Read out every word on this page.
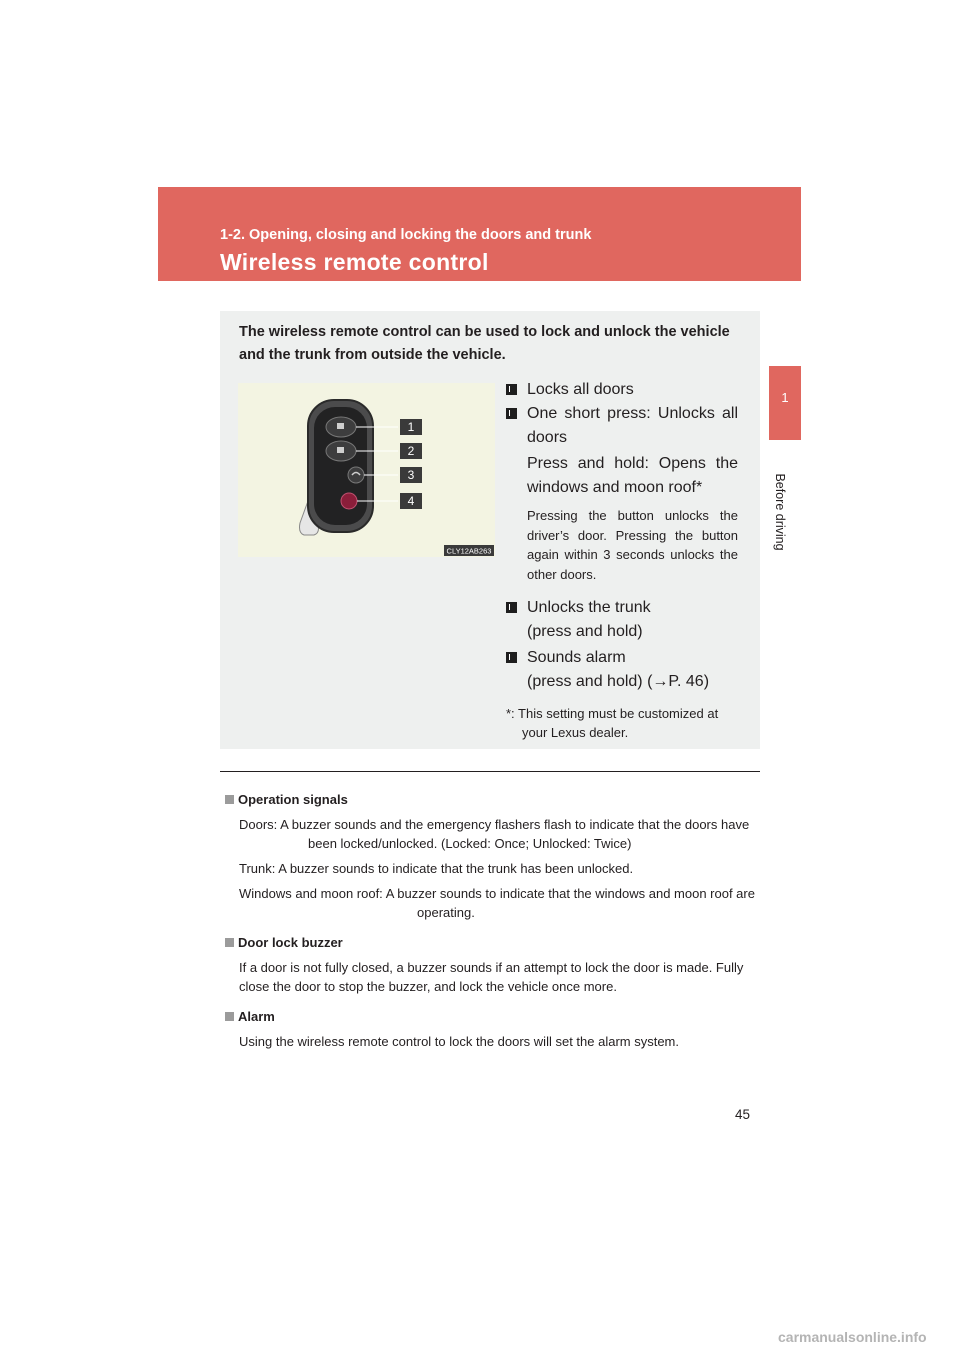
1-2. Opening, closing and locking the doors and trunk
Wireless remote control
1
Before driving
The wireless remote control can be used to lock and unlock the vehicle and the trunk from outside the vehicle.
1
2
3
4
CLY12AB263
Locks all doors
One short press: Unlocks all doors
Press and hold: Opens the windows and moon roof*
Pressing the button unlocks the driver’s door. Pressing the button again within 3 seconds unlocks the other doors.
Unlocks the trunk (press and hold)
Sounds alarm
(press and hold) (→P. 46)
*: This setting must be customized at your Lexus dealer.
Operation signals
Doors: A buzzer sounds and the emergency flashers flash to indicate that the doors have been locked/unlocked. (Locked: Once; Unlocked: Twice)
Trunk: A buzzer sounds to indicate that the trunk has been unlocked.
Windows and moon roof: A buzzer sounds to indicate that the windows and moon roof are operating.
Door lock buzzer
If a door is not fully closed, a buzzer sounds if an attempt to lock the door is made. Fully close the door to stop the buzzer, and lock the vehicle once more.
Alarm
Using the wireless remote control to lock the doors will set the alarm system.
45
carmanualsonline.info
